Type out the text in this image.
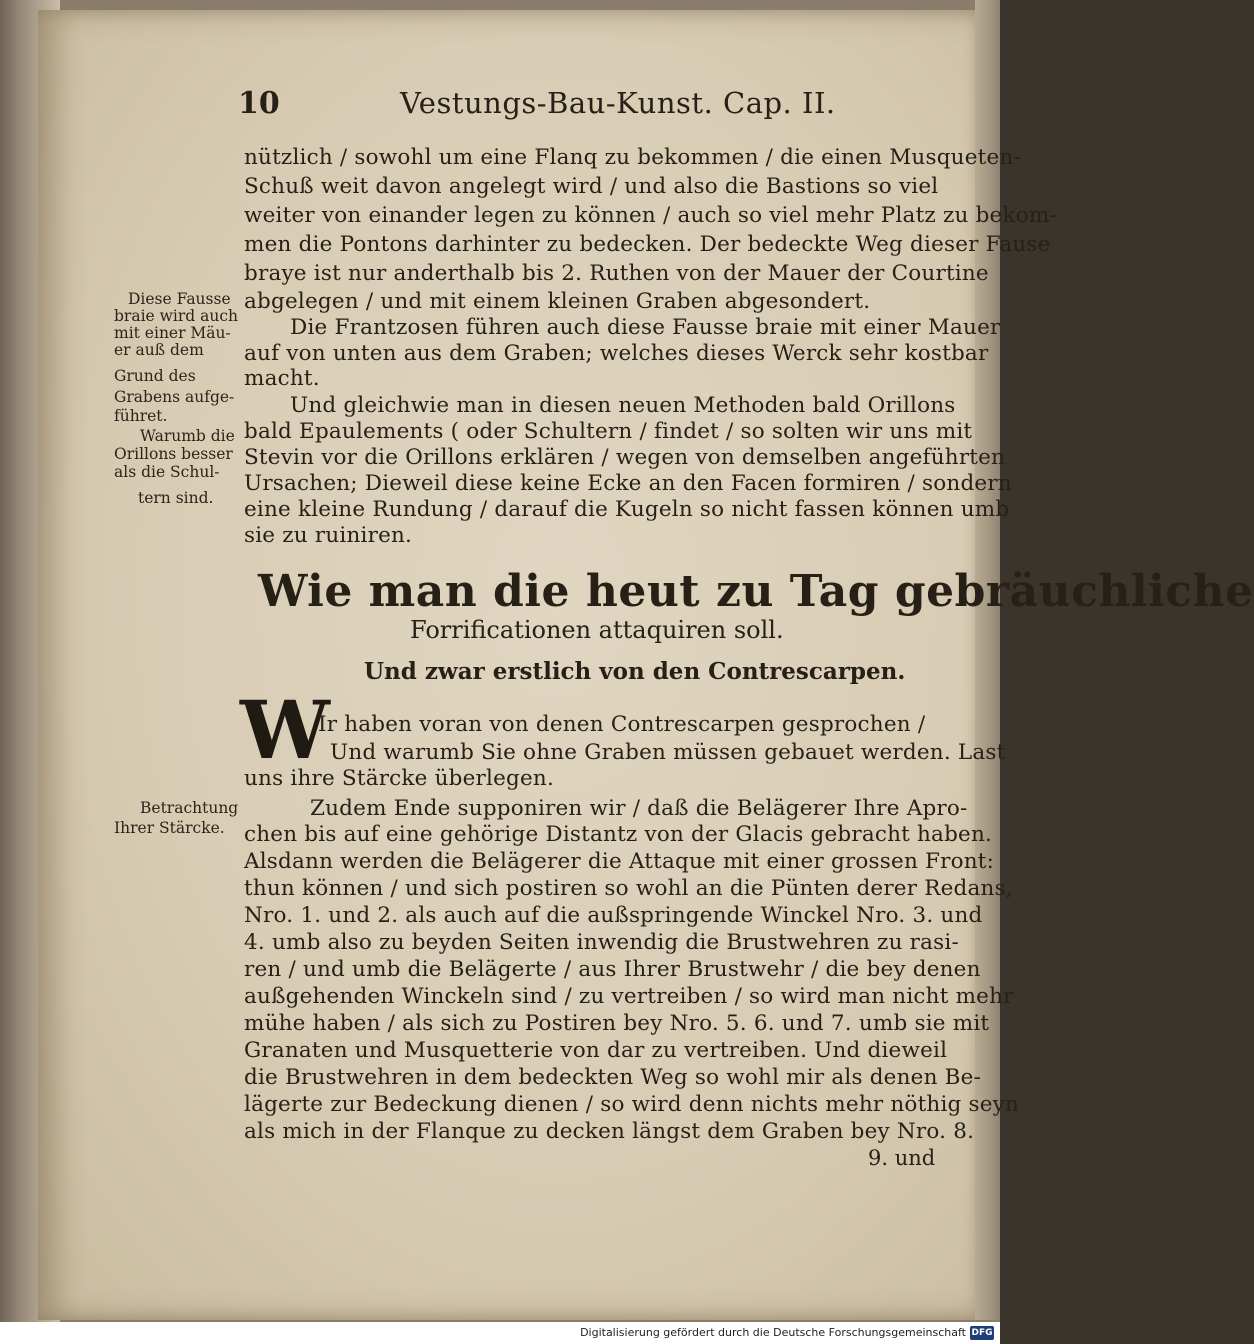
10	Vestungs-Bau-Kunst. Cap. II.
nützlich / sowohl um eine Flanq zu bekommen / die einen Musqueten-
Schuß weit davon angelegt wird / und also die Bastions so viel
weiter von einander legen zu können / auch so viel mehr Platz zu bekom-
men die Pontons darhinter zu bedecken. Der bedeckte Weg dieser Fause
braye ist nur anderthalb bis 2. Ruthen von der Mauer der Courtine
abgelegen / und mit einem kleinen Graben abgesondert.
Die Frantzosen führen auch diese Fausse braie mit einer Mauer
auf von unten aus dem Graben; welches dieses Werck sehr kostbar
macht.
Und gleichwie man in diesen neuen Methoden bald Orillons
bald Epaulements ( oder Schultern / findet / so solten wir uns mit
Stevin vor die Orillons erklären / wegen von demselben angeführten
Ursachen; Dieweil diese keine Ecke an den Facen formiren / sondern
eine kleine Rundung / darauf die Kugeln so nicht fassen können umb
sie zu ruiniren.
Diese Fausse
braie wird auch
mit einer Mäu-
er auß dem
Grund des
Grabens aufge-
führet.
Warumb die
Orillons besser
als die Schul-
tern sind.
Wie man die heut zu Tag gebräuchliche
Forrificationen attaquiren soll.
Und zwar erstlich von den Contrescarpen.
W
Ir haben voran von denen Contrescarpen gesprochen /
Und warumb Sie ohne Graben müssen gebauet werden. Last
uns ihre Stärcke überlegen.
Zudem Ende supponiren wir / daß die Belägerer Ihre Apro-
chen bis auf eine gehörige Distantz von der Glacis gebracht haben.
Alsdann werden die Belägerer die Attaque mit einer grossen Front:
thun können / und sich postiren so wohl an die Pünten derer Redans,
Nro. 1. und 2. als auch auf die außspringende Winckel Nro. 3. und
4. umb also zu beyden Seiten inwendig die Brustwehren zu rasi-
ren / und umb die Belägerte / aus Ihrer Brustwehr / die bey denen
außgehenden Winckeln sind / zu vertreiben / so wird man nicht mehr
mühe haben / als sich zu Postiren bey Nro. 5. 6. und 7. umb sie mit
Granaten und Musquetterie von dar zu vertreiben. Und dieweil
die Brustwehren in dem bedeckten Weg so wohl mir als denen Be-
lägerte zur Bedeckung dienen / so wird denn nichts mehr nöthig seyn
als mich in der Flanque zu decken längst dem Graben bey Nro. 8.
Betrachtung
Ihrer Stärcke.
9. und
Digitalisierung gefördert durch die Deutsche Forschungsgemeinschaft DFG
